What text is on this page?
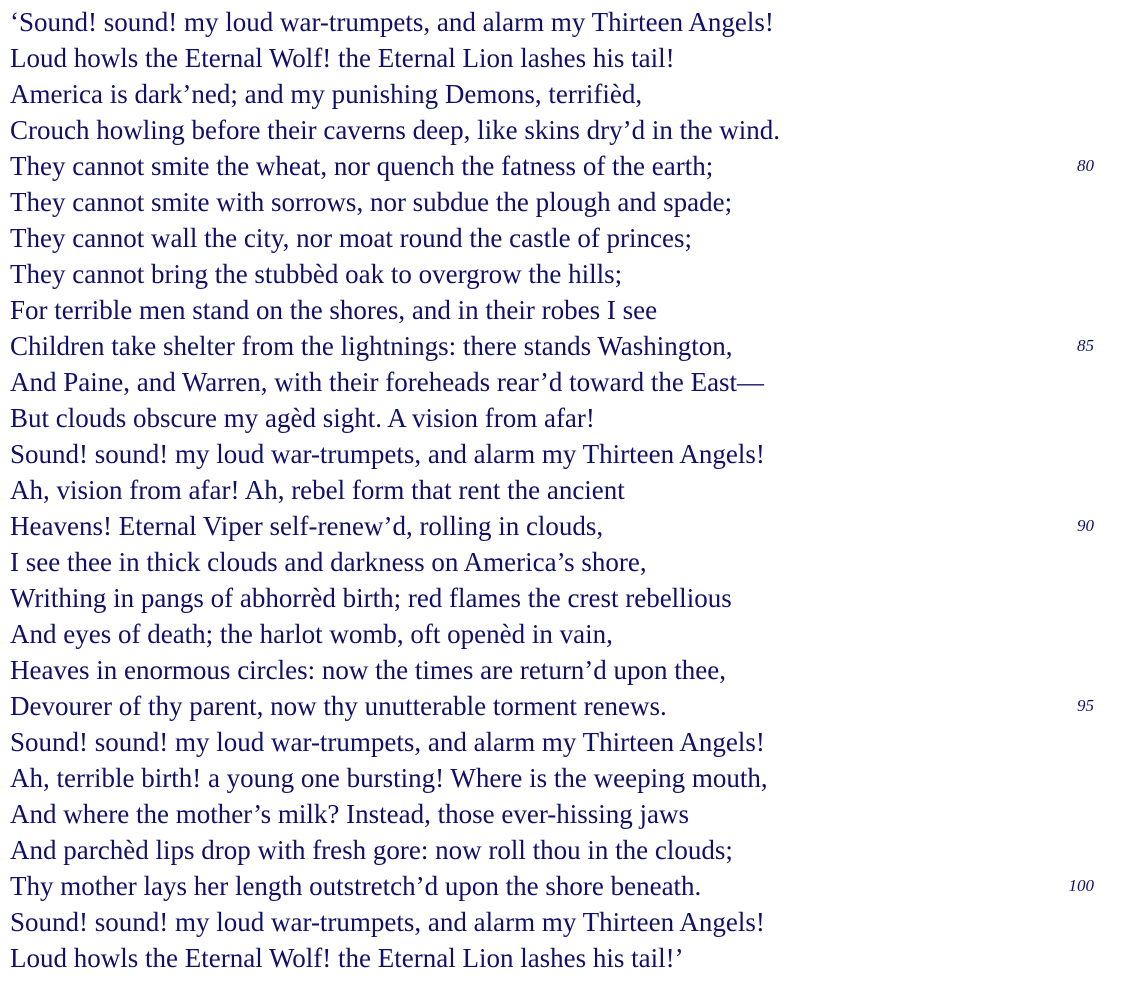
‘Sound! sound! my loud war-trumpets, and alarm my Thirteen Angels!
Loud howls the Eternal Wolf! the Eternal Lion lashes his tail!
America is dark’ned; and my punishing Demons, terrifièd,
Crouch howling before their caverns deep, like skins dry’d in the wind.
They cannot smite the wheat, nor quench the fatness of the earth;	80
They cannot smite with sorrows, nor subdue the plough and spade;
They cannot wall the city, nor moat round the castle of princes;
They cannot bring the stubbèd oak to overgrow the hills;
For terrible men stand on the shores, and in their robes I see
Children take shelter from the lightnings: there stands Washington,	85
And Paine, and Warren, with their foreheads rear’d toward the East—
But clouds obscure my agèd sight. A vision from afar!
Sound! sound! my loud war-trumpets, and alarm my Thirteen Angels!
Ah, vision from afar! Ah, rebel form that rent the ancient
Heavens! Eternal Viper self-renew’d, rolling in clouds,	90
I see thee in thick clouds and darkness on America’s shore,
Writhing in pangs of abhorrèd birth; red flames the crest rebellious
And eyes of death; the harlot womb, oft openèd in vain,
Heaves in enormous circles: now the times are return’d upon thee,
Devourer of thy parent, now thy unutterable torment renews.	95
Sound! sound! my loud war-trumpets, and alarm my Thirteen Angels!
Ah, terrible birth! a young one bursting! Where is the weeping mouth,
And where the mother’s milk? Instead, those ever-hissing jaws
And parchèd lips drop with fresh gore: now roll thou in the clouds;
Thy mother lays her length outstretch’d upon the shore beneath.	100
Sound! sound! my loud war-trumpets, and alarm my Thirteen Angels!
Loud howls the Eternal Wolf! the Eternal Lion lashes his tail!’
